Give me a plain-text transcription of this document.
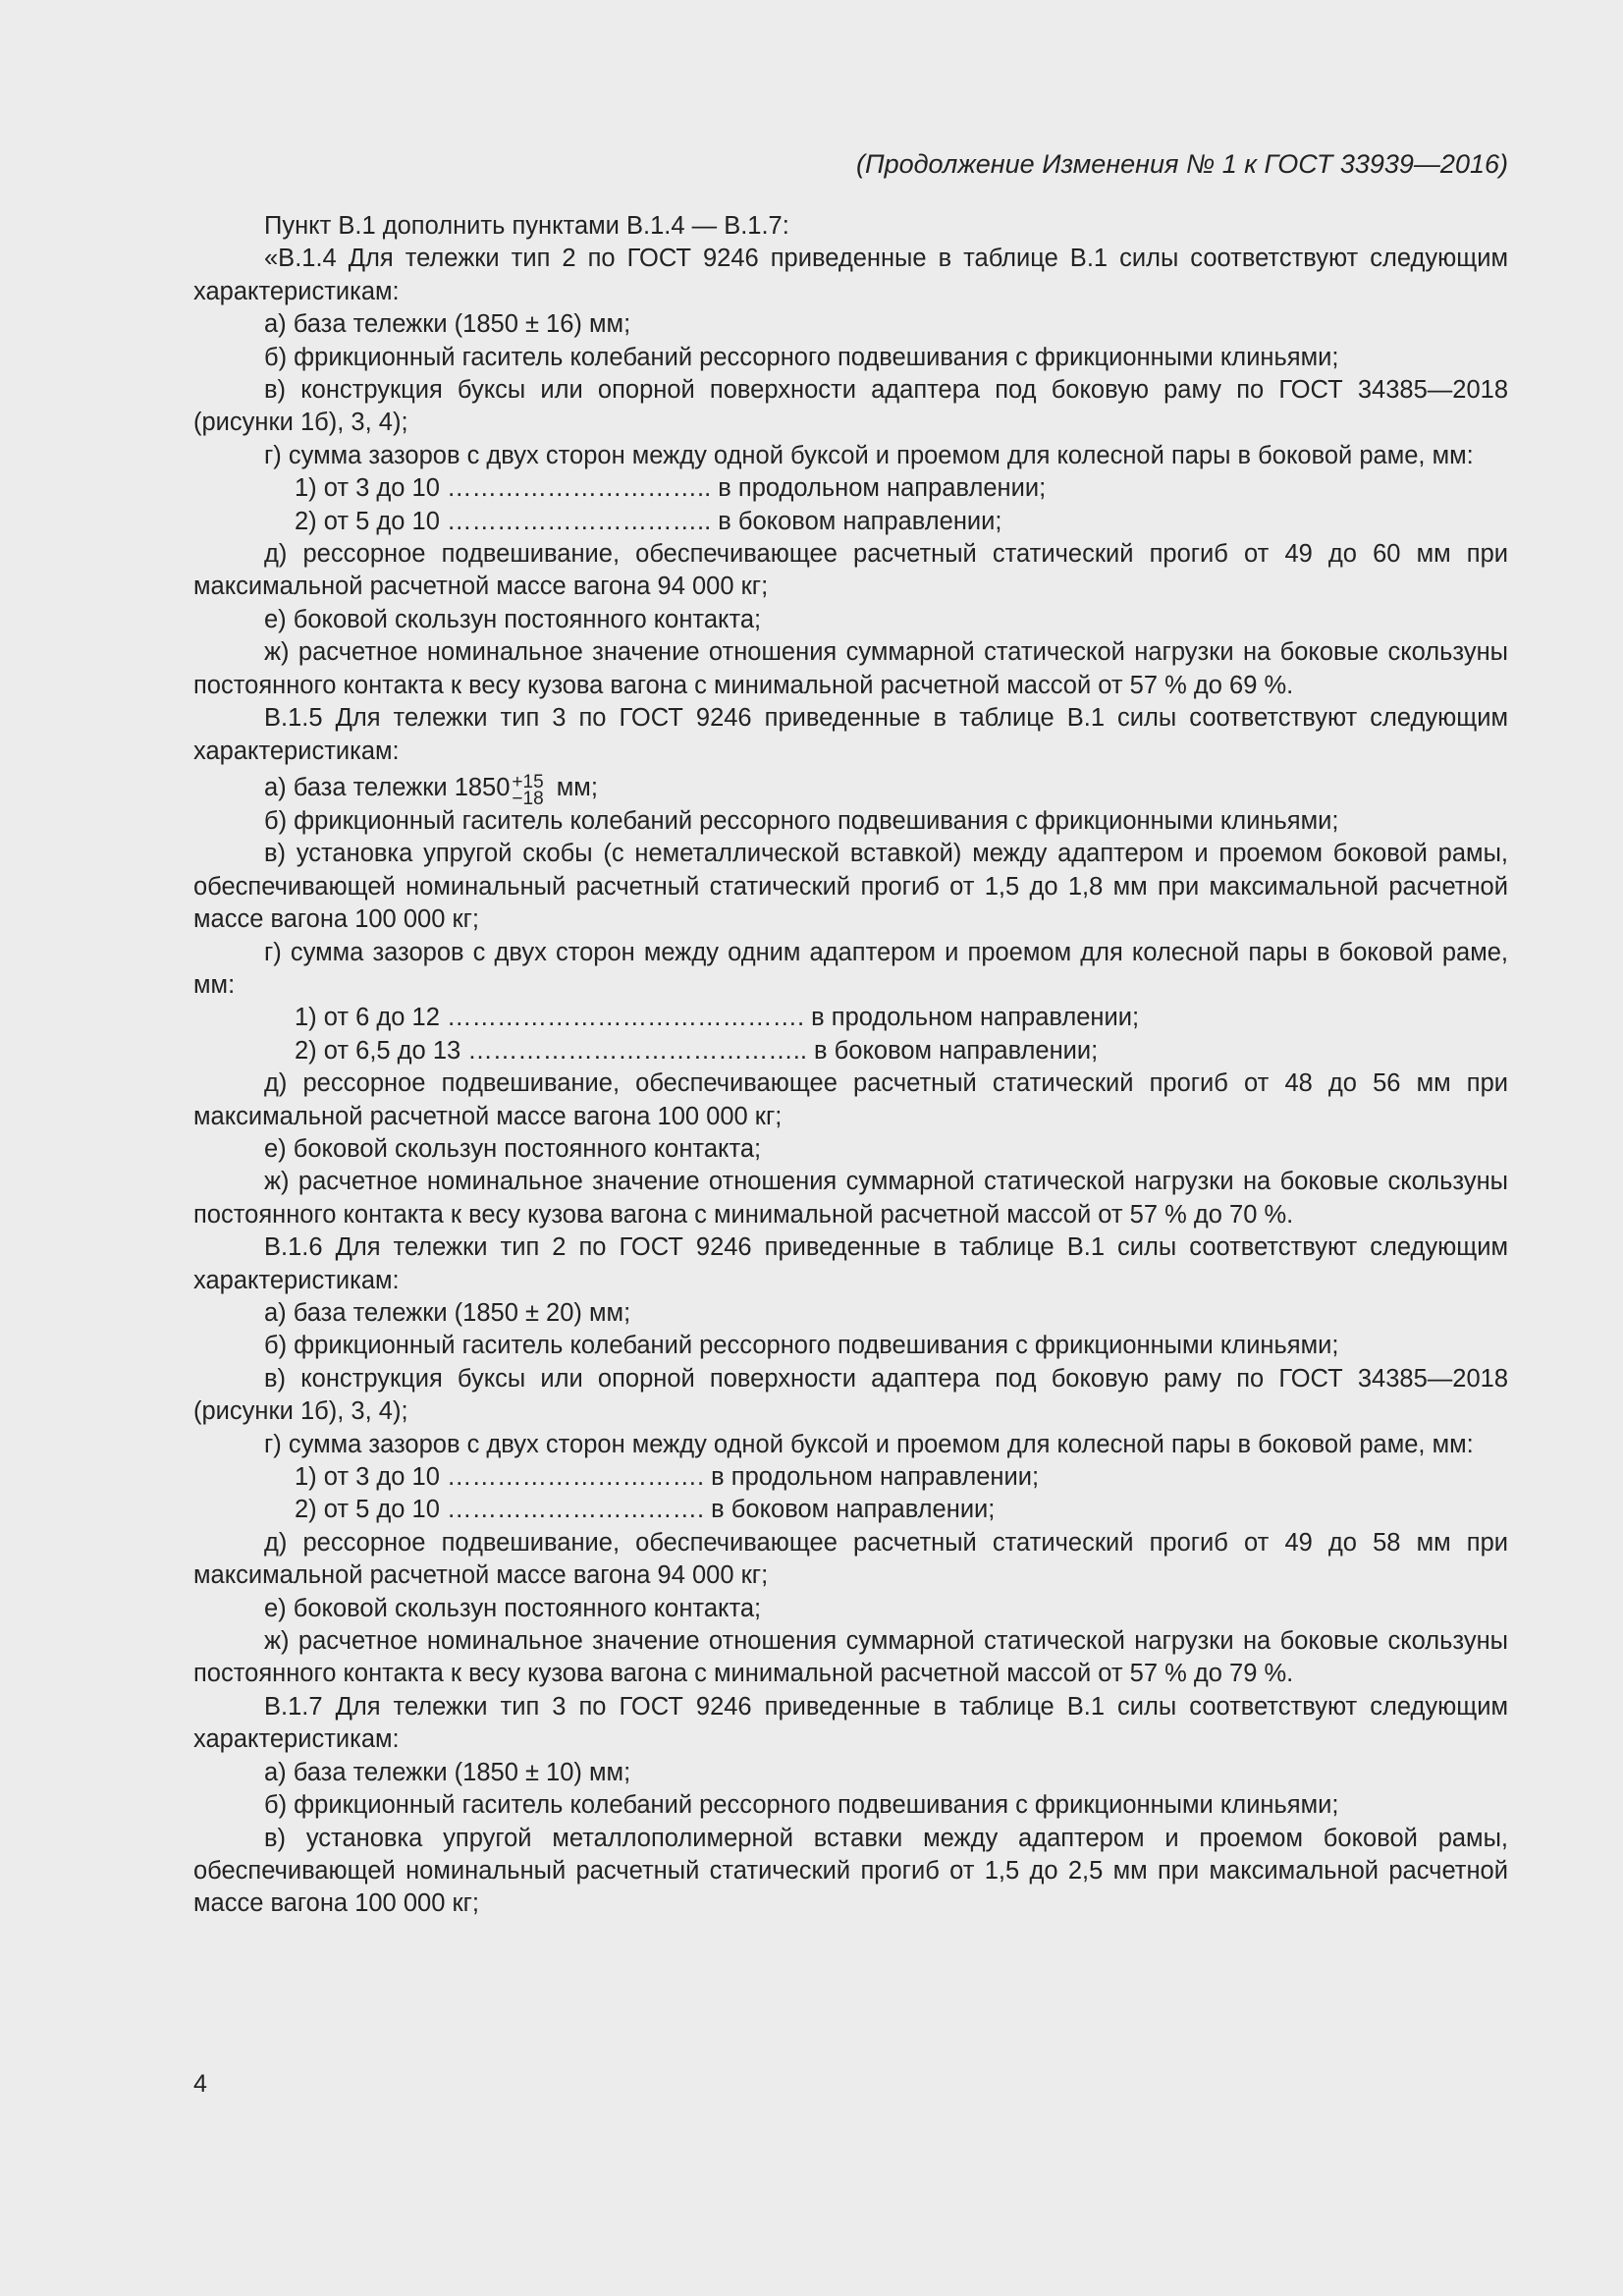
(Продолжение Изменения № 1 к ГОСТ 33939—2016)

Пункт В.1 дополнить пунктами В.1.4 — В.1.7:

«В.1.4 Для тележки тип 2 по ГОСТ 9246 приведенные в таблице В.1 силы соответствуют следующим характеристикам:

а) база тележки (1850 ± 16) мм;

б) фрикционный гаситель колебаний рессорного подвешивания с фрикционными клиньями;

в) конструкция буксы или опорной поверхности адаптера под боковую раму по ГОСТ 34385—2018 (рисунки 1б), 3, 4);

г) сумма зазоров с двух сторон между одной буксой и проемом для колесной пары в боковой раме, мм:

1) от 3 до 10 ………………………….. в продольном направлении;

2) от 5 до 10 ………………………….. в боковом направлении;

д) рессорное подвешивание, обеспечивающее расчетный статический прогиб от 49 до 60 мм при максимальной расчетной массе вагона 94 000 кг;

е) боковой скользун постоянного контакта;

ж) расчетное номинальное значение отношения суммарной статической нагрузки на боковые скользуны постоянного контакта к весу кузова вагона с минимальной расчетной массой от 57 % до 69 %.

В.1.5 Для тележки тип 3 по ГОСТ 9246 приведенные в таблице В.1 силы соответствуют следующим характеристикам:

а) база тележки 1850 +15
−18 мм;

б) фрикционный гаситель колебаний рессорного подвешивания с фрикционными клиньями;

в) установка упругой скобы (с неметаллической вставкой) между адаптером и проемом боковой рамы, обеспечивающей номинальный расчетный статический прогиб от 1,5 до 1,8 мм при максимальной расчетной массе вагона 100 000 кг;

г) сумма зазоров с двух сторон между одним адаптером и проемом для колесной пары в боковой раме, мм:

1) от 6 до 12 ……………………………………. в продольном направлении;

2) от 6,5 до 13 ………………………………….. в боковом направлении;

д) рессорное подвешивание, обеспечивающее расчетный статический прогиб от 48 до 56 мм при максимальной расчетной массе вагона 100 000 кг;

е) боковой скользун постоянного контакта;

ж) расчетное номинальное значение отношения суммарной статической нагрузки на боковые скользуны постоянного контакта к весу кузова вагона с минимальной расчетной массой от 57 % до 70 %.

В.1.6 Для тележки тип 2 по ГОСТ 9246 приведенные в таблице В.1 силы соответствуют следующим характеристикам:

а) база тележки (1850 ± 20) мм;

б) фрикционный гаситель колебаний рессорного подвешивания с фрикционными клиньями;

в) конструкция буксы или опорной поверхности адаптера под боковую раму по ГОСТ 34385—2018 (рисунки 1б), 3, 4);

г) сумма зазоров с двух сторон между одной буксой и проемом для колесной пары в боковой раме, мм:

1) от 3 до 10 …………………………. в продольном направлении;

2) от 5 до 10 …………………………. в боковом направлении;

д) рессорное подвешивание, обеспечивающее расчетный статический прогиб от 49 до 58 мм при максимальной расчетной массе вагона 94 000 кг;

е) боковой скользун постоянного контакта;

ж) расчетное номинальное значение отношения суммарной статической нагрузки на боковые скользуны постоянного контакта к весу кузова вагона с минимальной расчетной массой от 57 % до 79 %.

В.1.7 Для тележки тип 3 по ГОСТ 9246 приведенные в таблице В.1 силы соответствуют следующим характеристикам:

а) база тележки (1850 ± 10) мм;

б) фрикционный гаситель колебаний рессорного подвешивания с фрикционными клиньями;

в) установка упругой металлополимерной вставки между адаптером и проемом боковой рамы, обеспечивающей номинальный расчетный статический прогиб от 1,5 до 2,5 мм при максимальной расчетной массе вагона 100 000 кг;

4
